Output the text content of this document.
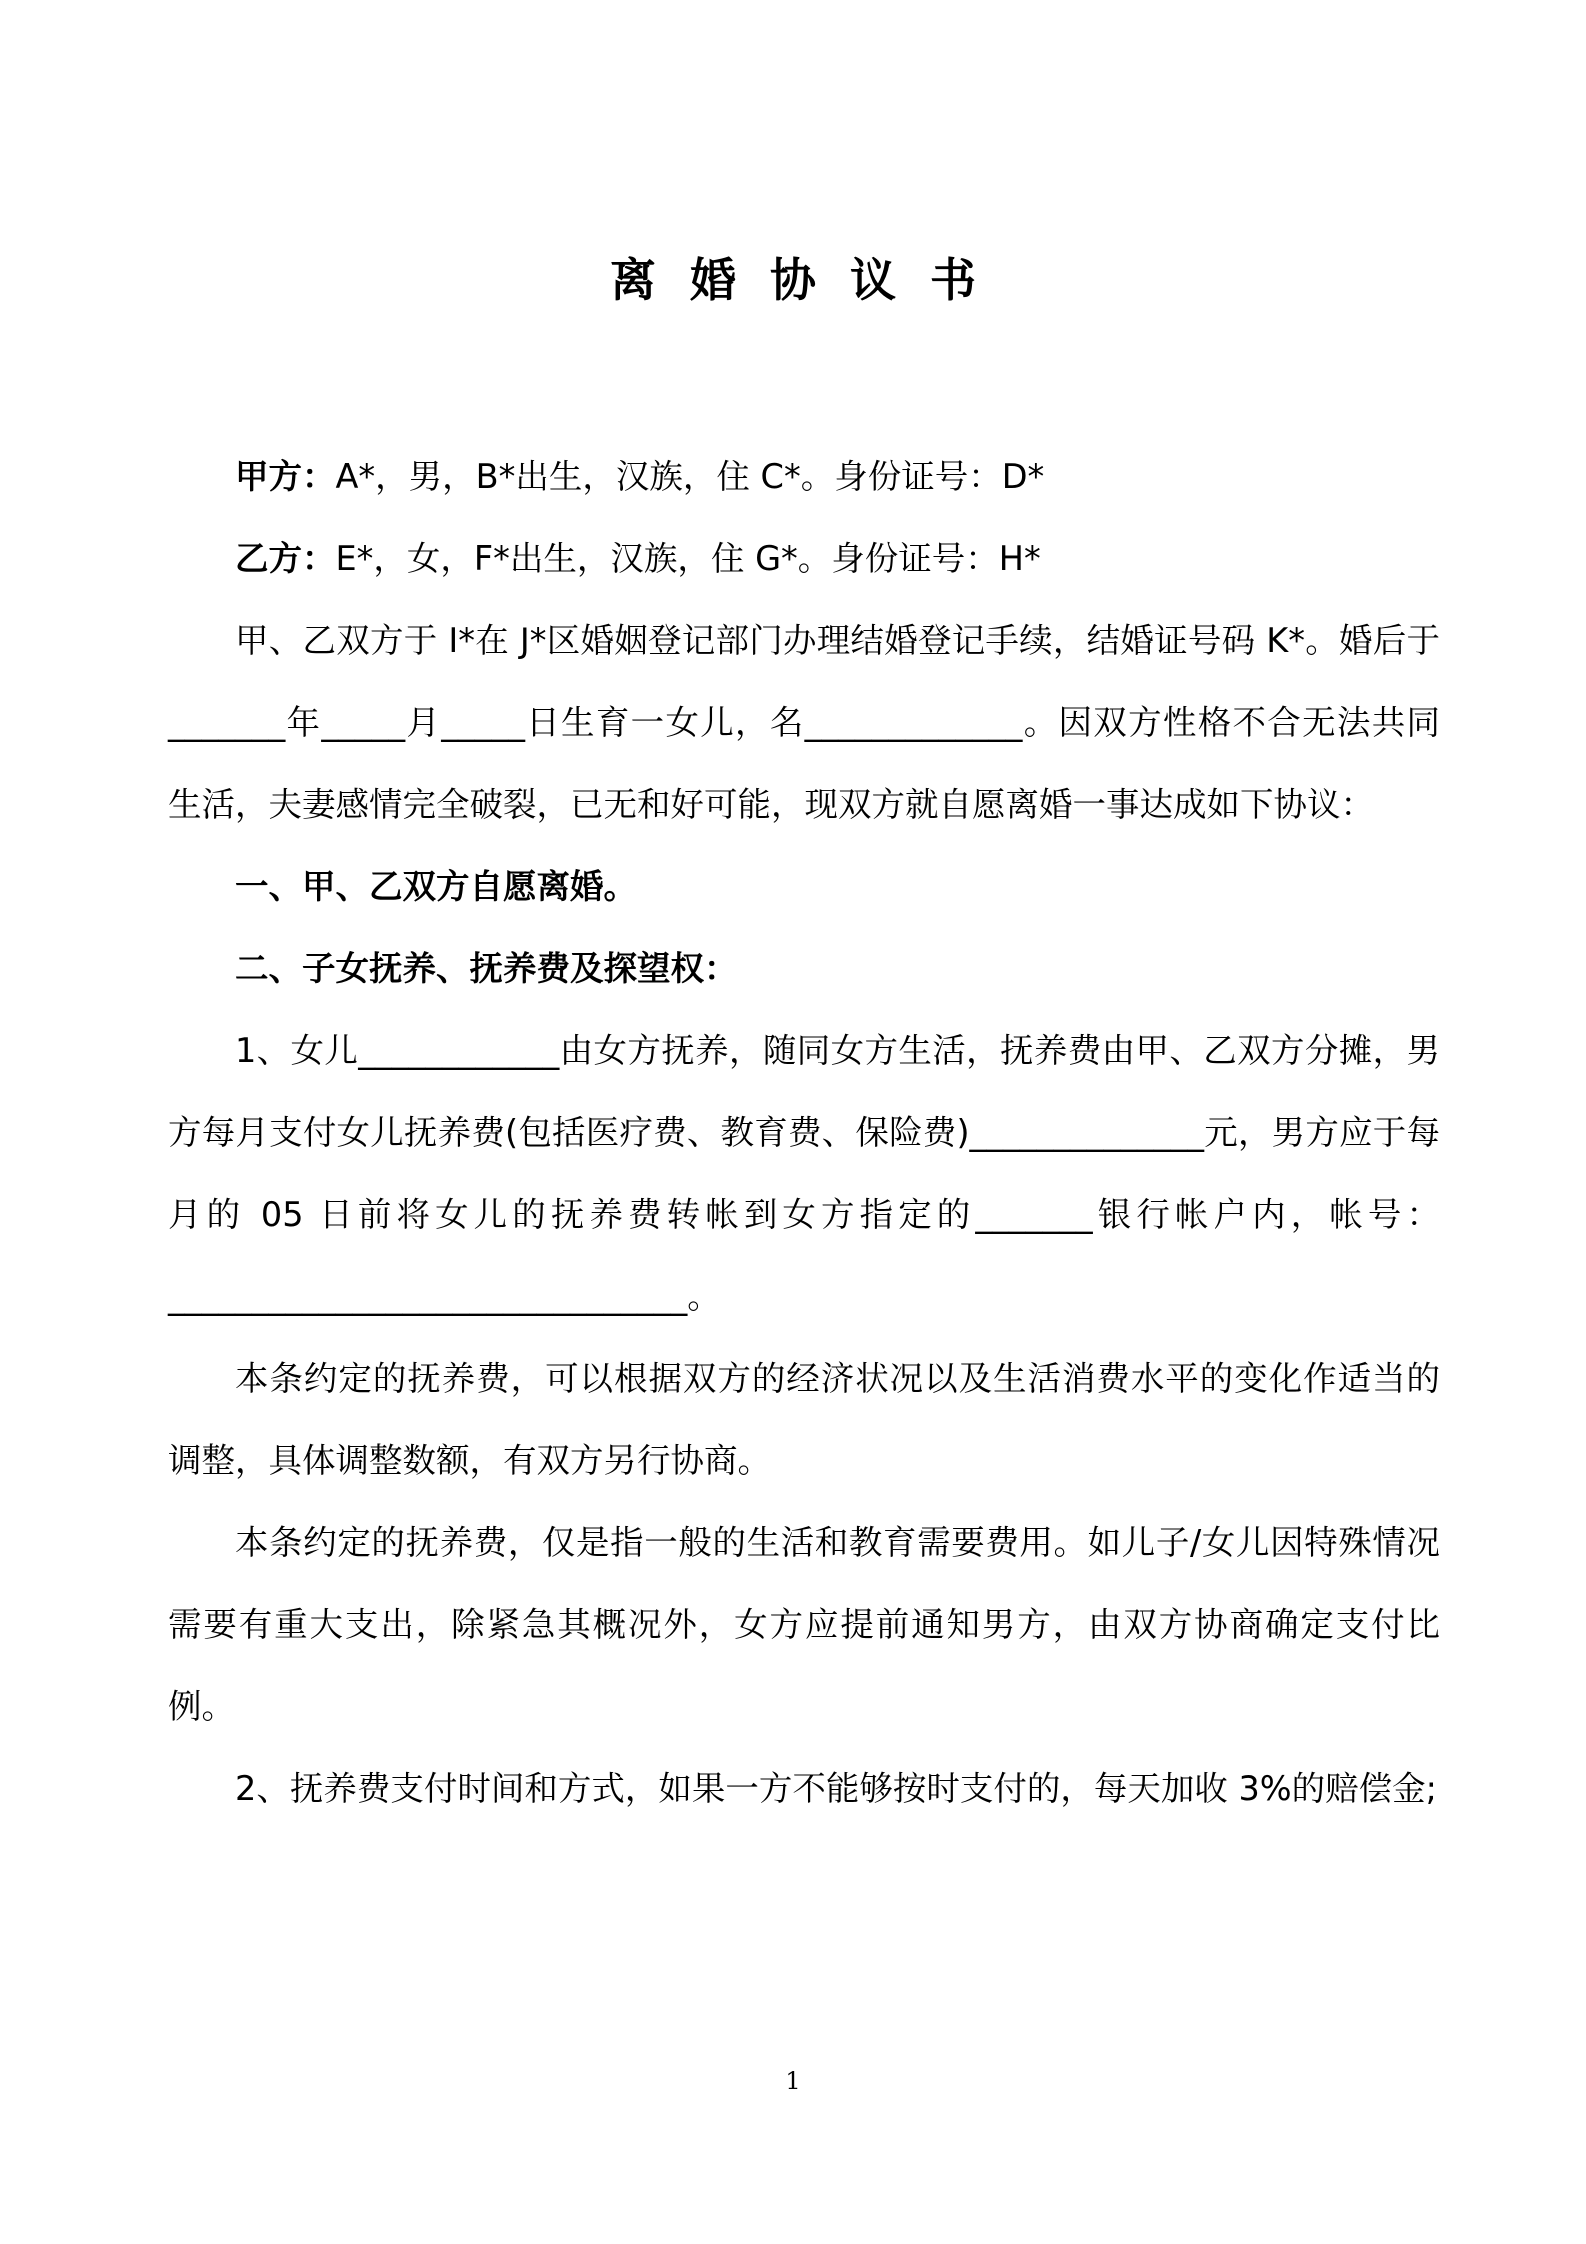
离婚协议书

甲方：A*，男，B*出生，汉族，住 C*。身份证号：D*

乙方：E*，女，F*出生，汉族，住 G*。身份证号：H*

甲、乙双方于 I*在 J*区婚姻登记部门办理结婚登记手续，结婚证号码 K*。婚后于_______年_____月_____日生育一女儿，名_____________。因双方性格不合无法共同生活，夫妻感情完全破裂，已无和好可能，现双方就自愿离婚一事达成如下协议：

一、甲、乙双方自愿离婚。

二、子女抚养、抚养费及探望权：

1、女儿____________由女方抚养，随同女方生活，抚养费由甲、乙双方分摊，男方每月支付女儿抚养费(包括医疗费、教育费、保险费)______________元，男方应于每月的 05 日前将女儿的抚养费转帐到女方指定的_______银行帐户内，帐号：_______________________________。

本条约定的抚养费，可以根据双方的经济状况以及生活消费水平的变化作适当的调整，具体调整数额，有双方另行协商。

本条约定的抚养费，仅是指一般的生活和教育需要费用。如儿子/女儿因特殊情况需要有重大支出，除紧急其概况外，女方应提前通知男方，由双方协商确定支付比例。

2、抚养费支付时间和方式，如果一方不能够按时支付的，每天加收 3%的赔偿金;

1
